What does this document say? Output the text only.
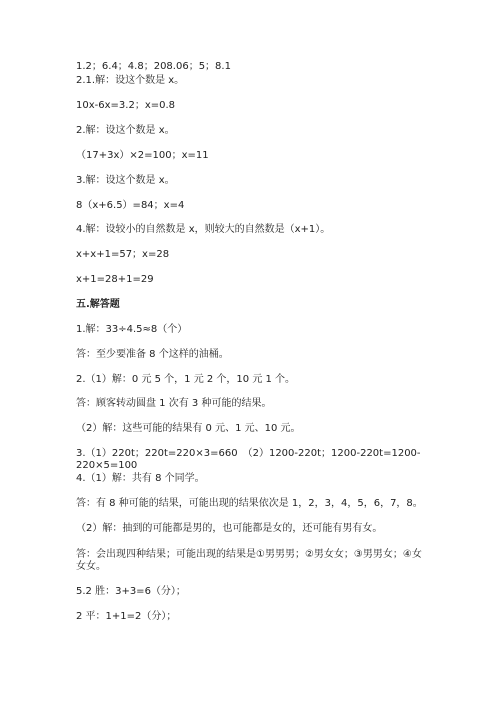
1.2；6.4；4.8；208.06；5；8.1
2.1.解：设这个数是 x。
10x-6x=3.2；x=0.8
2.解：设这个数是 x。
（17+3x）×2=100；x=11
3.解：设这个数是 x。
8（x+6.5）=84；x=4
4.解：设较小的自然数是 x，则较大的自然数是（x+1）。
x+x+1=57；x=28
x+1=28+1=29
五.解答题
1.解：33÷4.5≈8（个）
答：至少要准备 8 个这样的油桶。
2.（1）解：0 元 5 个，1 元 2 个，10 元 1 个。
答：顾客转动圆盘 1 次有 3 种可能的结果。
（2）解：这些可能的结果有 0 元、1 元、10 元。
3.（1）220t；220t=220×3=660　（2）1200-220t；1200-220t=1200-220×5=100
4.（1）解：共有 8 个同学。
答：有 8 种可能的结果，可能出现的结果依次是 1，2，3，4，5，6，7，8。
（2）解：抽到的可能都是男的，也可能都是女的，还可能有男有女。
答：会出现四种结果；可能出现的结果是①男男男；②男女女；③男男女；④女女女。
5.2 胜：3+3=6（分）；
2 平：1+1=2（分）；
